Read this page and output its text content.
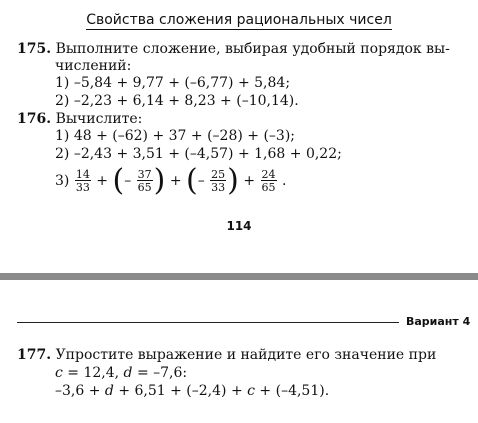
Свойства сложения рациональных чисел
175. Выполните сложение, выбирая удобный порядок вы-
числений:
1) –5,84 + 9,77 + (–6,77) + 5,84;
2) –2,23 + 6,14 + 8,23 + (–10,14).
176. Вычислите:
1) 48 + (–62) + 37 + (–28) + (–3);
2) –2,43 + 3,51 + (–4,57) + 1,68 + 0,22;
$3) \frac{14}{33}$ + (– $\frac{37}{65}$ ) + (– $\frac{25}{33}$ ) + $\frac{24}{65}$ .
114
Вариант 4
177. Упростите выражение и найдите его значение при
c = 12,4, d = –7,6:
–3,6 + d + 6,51 + (–2,4) + c + (–4,51).
